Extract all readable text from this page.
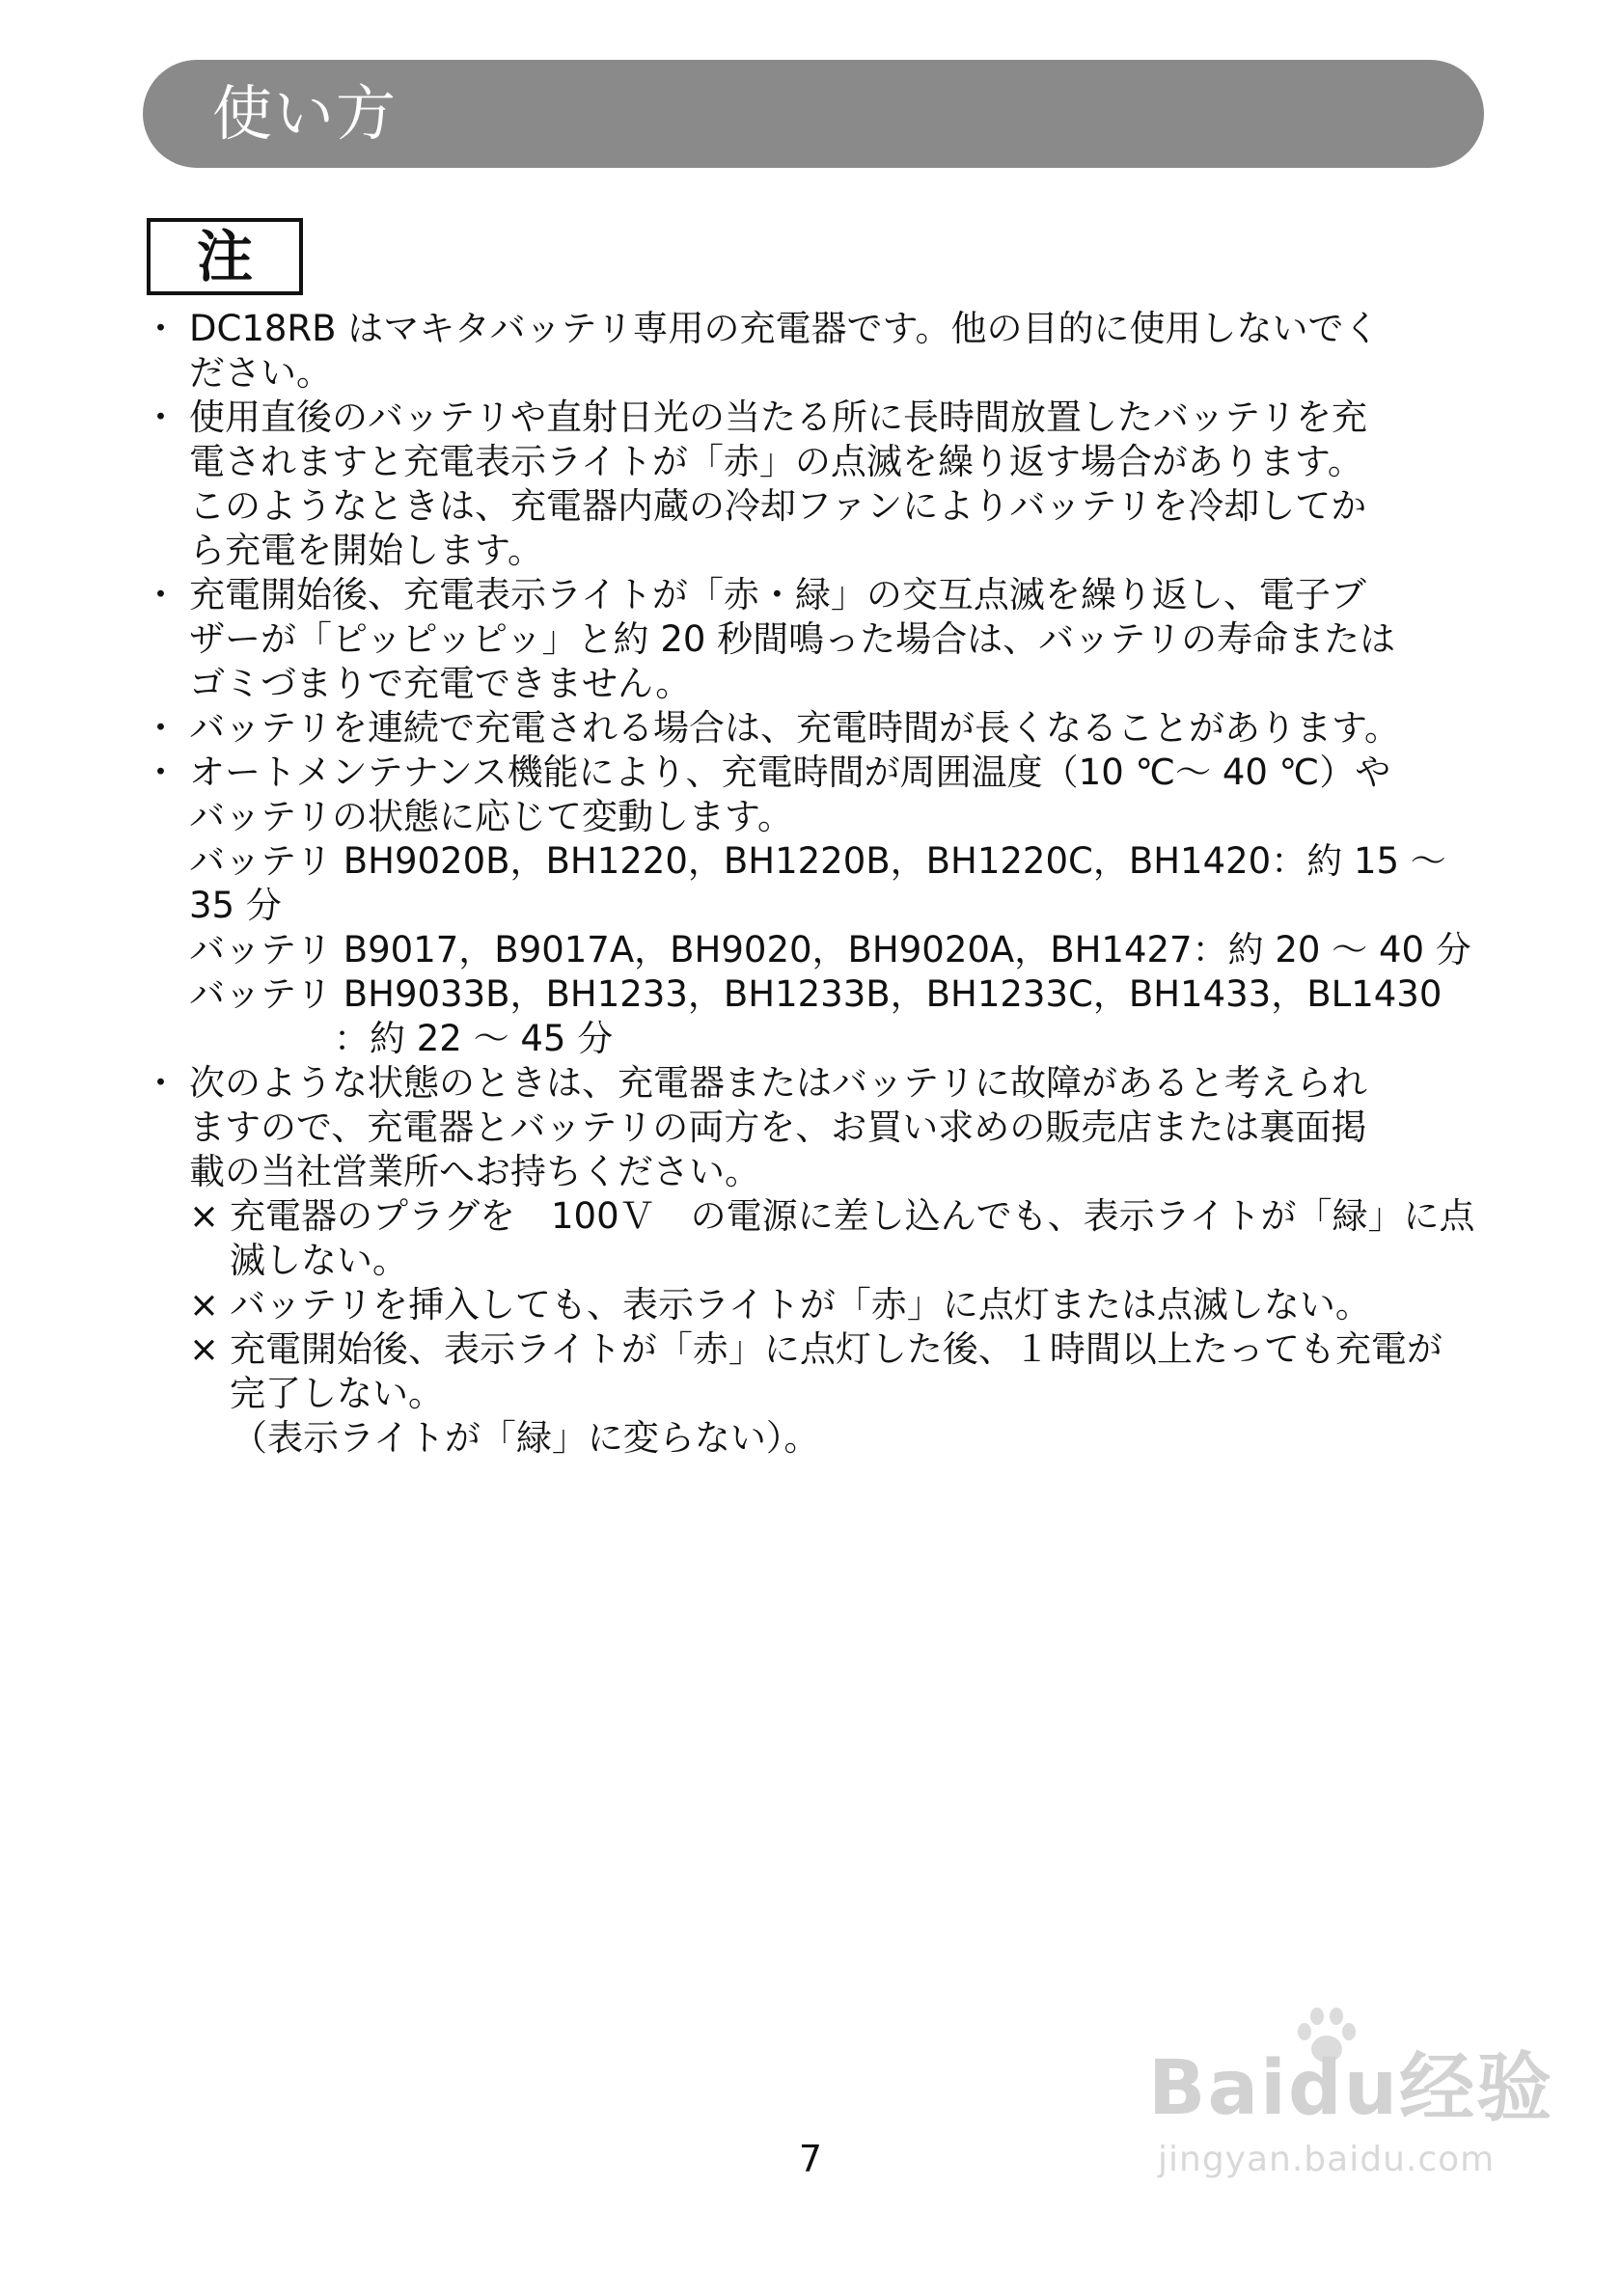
使い方
注
・ DC18RB はマキタバッテリ専用の充電器です。他の目的に使用しないでく
ださい。
・ 使用直後のバッテリや直射日光の当たる所に長時間放置したバッテリを充
電されますと充電表示ライトが「赤」の点滅を繰り返す場合があります。
このようなときは、充電器内蔵の冷却ファンによりバッテリを冷却してか
ら充電を開始します。
・ 充電開始後、充電表示ライトが「赤・緑」の交互点滅を繰り返し、電子ブ
ザーが「ピッピッピッ」と約 20 秒間鳴った場合は、バッテリの寿命または
ゴミづまりで充電できません。
・ バッテリを連続で充電される場合は、充電時間が長くなることがあります。
・ オートメンテナンス機能により、充電時間が周囲温度（10 ℃～ 40 ℃）や
バッテリの状態に応じて変動します。
バッテリ BH9020B，BH1220，BH1220B，BH1220C，BH1420：約 15 ～ 35 分
バッテリ B9017，B9017A，BH9020，BH9020A，BH1427：約 20 ～ 40 分
バッテリ BH9033B，BH1233，BH1233B，BH1233C，BH1433，BL1430
：約 22 ～ 45 分
・ 次のような状態のときは、充電器またはバッテリに故障があると考えられ
ますので、充電器とバッテリの両方を、お買い求めの販売店または裏面掲
載の当社営業所へお持ちください。
× 充電器のプラグを　100Ｖ　の電源に差し込んでも、表示ライトが「緑」に点
滅しない。
× バッテリを挿入しても、表示ライトが「赤」に点灯または点滅しない。
× 充電開始後、表示ライトが「赤」に点灯した後、１時間以上たっても充電が
完了しない。
（表示ライトが「緑」に変らない）。
Baidu经验
jingyan.baidu.com
7
